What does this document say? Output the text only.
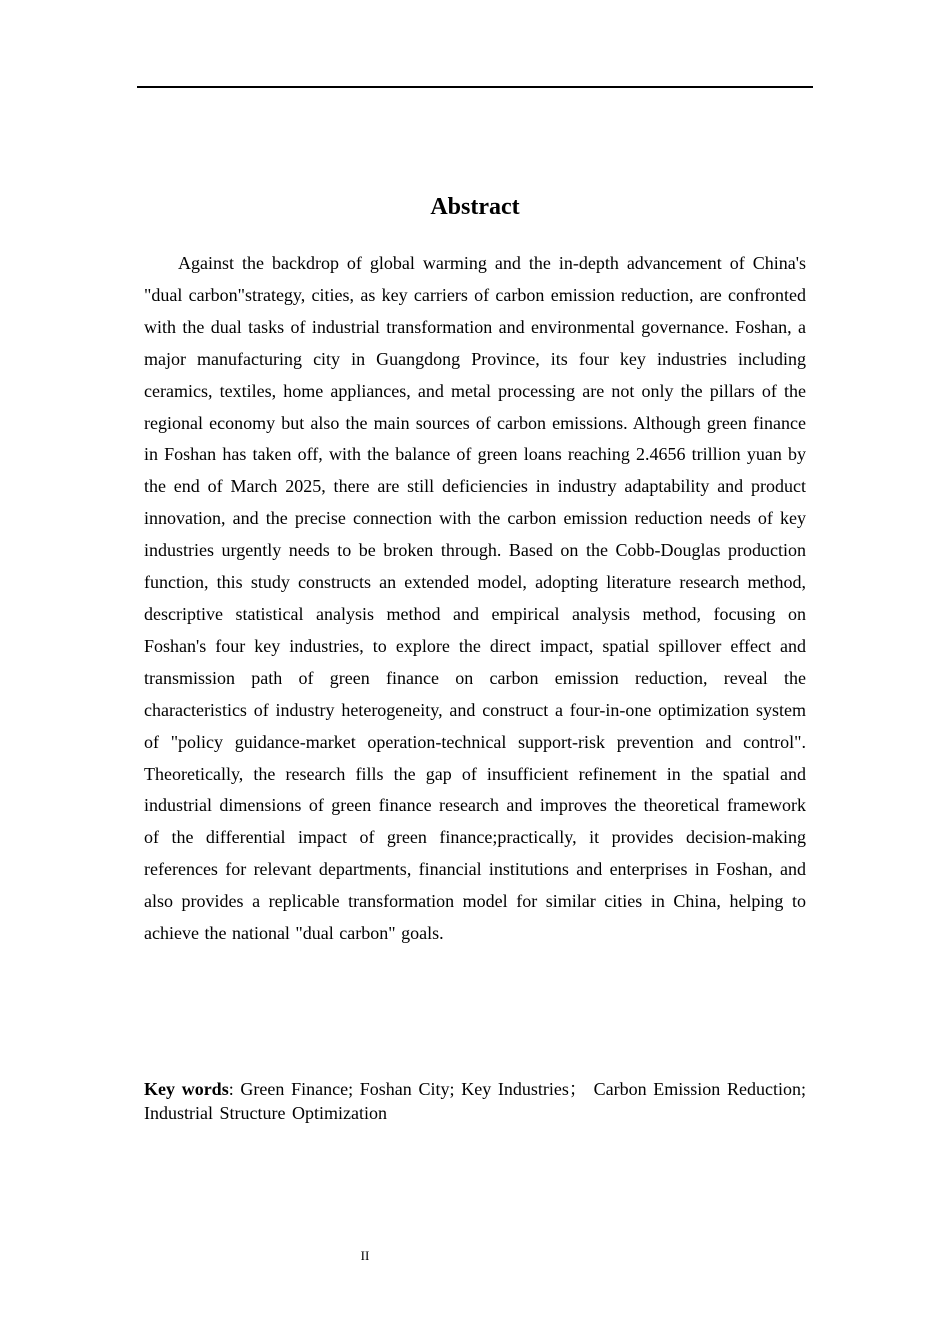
Abstract

Against the backdrop of global warming and the in-depth advancement of China's "dual carbon"strategy, cities, as key carriers of carbon emission reduction, are confronted with the dual tasks of industrial transformation and environmental governance. Foshan, a major manufacturing city in Guangdong Province, its four key industries including ceramics, textiles, home appliances, and metal processing are not only the pillars of the regional economy but also the main sources of carbon emissions. Although green finance in Foshan has taken off, with the balance of green loans reaching 2.4656 trillion yuan by the end of March 2025, there are still deficiencies in industry adaptability and product innovation, and the precise connection with the carbon emission reduction needs of key industries urgently needs to be broken through. Based on the Cobb-Douglas production function, this study constructs an extended model, adopting literature research method, descriptive statistical analysis method and empirical analysis method, focusing on Foshan's four key industries, to explore the direct impact, spatial spillover effect and transmission path of green finance on carbon emission reduction, reveal the characteristics of industry heterogeneity, and construct a four-in-one optimization system of "policy guidance-market operation-technical support-risk prevention and control". Theoretically, the research fills the gap of insufficient refinement in the spatial and industrial dimensions of green finance research and improves the theoretical framework of the differential impact of green finance;practically, it provides decision-making references for relevant departments, financial institutions and enterprises in Foshan, and also provides a replicable transformation model for similar cities in China, helping to achieve the national "dual carbon" goals.

Key words: Green Finance; Foshan City; Key Industries； Carbon Emission Reduction; Industrial Structure Optimization

II
